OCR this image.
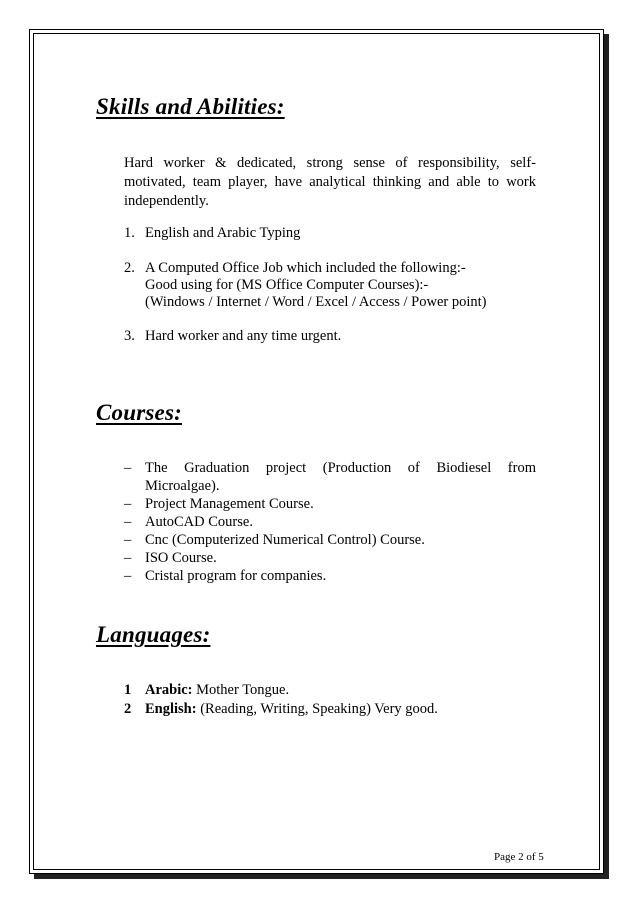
Skills and Abilities:

Hard worker & dedicated, strong sense of responsibility, self-motivated, team player, have analytical thinking and able to work independently.

1. English and Arabic Typing
2. A Computed Office Job which included the following:-
Good using for (MS Office Computer Courses):-
(Windows / Internet / Word / Excel / Access / Power point)
3. Hard worker and any time urgent.
Courses:
– The Graduation project (Production of Biodiesel from Microalgae).
– Project Management Course.
– AutoCAD Course.
– Cnc (Computerized Numerical Control) Course.
– ISO Course.
– Cristal program for companies.
Languages:
1 Arabic: Mother Tongue.
2 English: (Reading, Writing, Speaking) Very good.
Page 2 of 5
